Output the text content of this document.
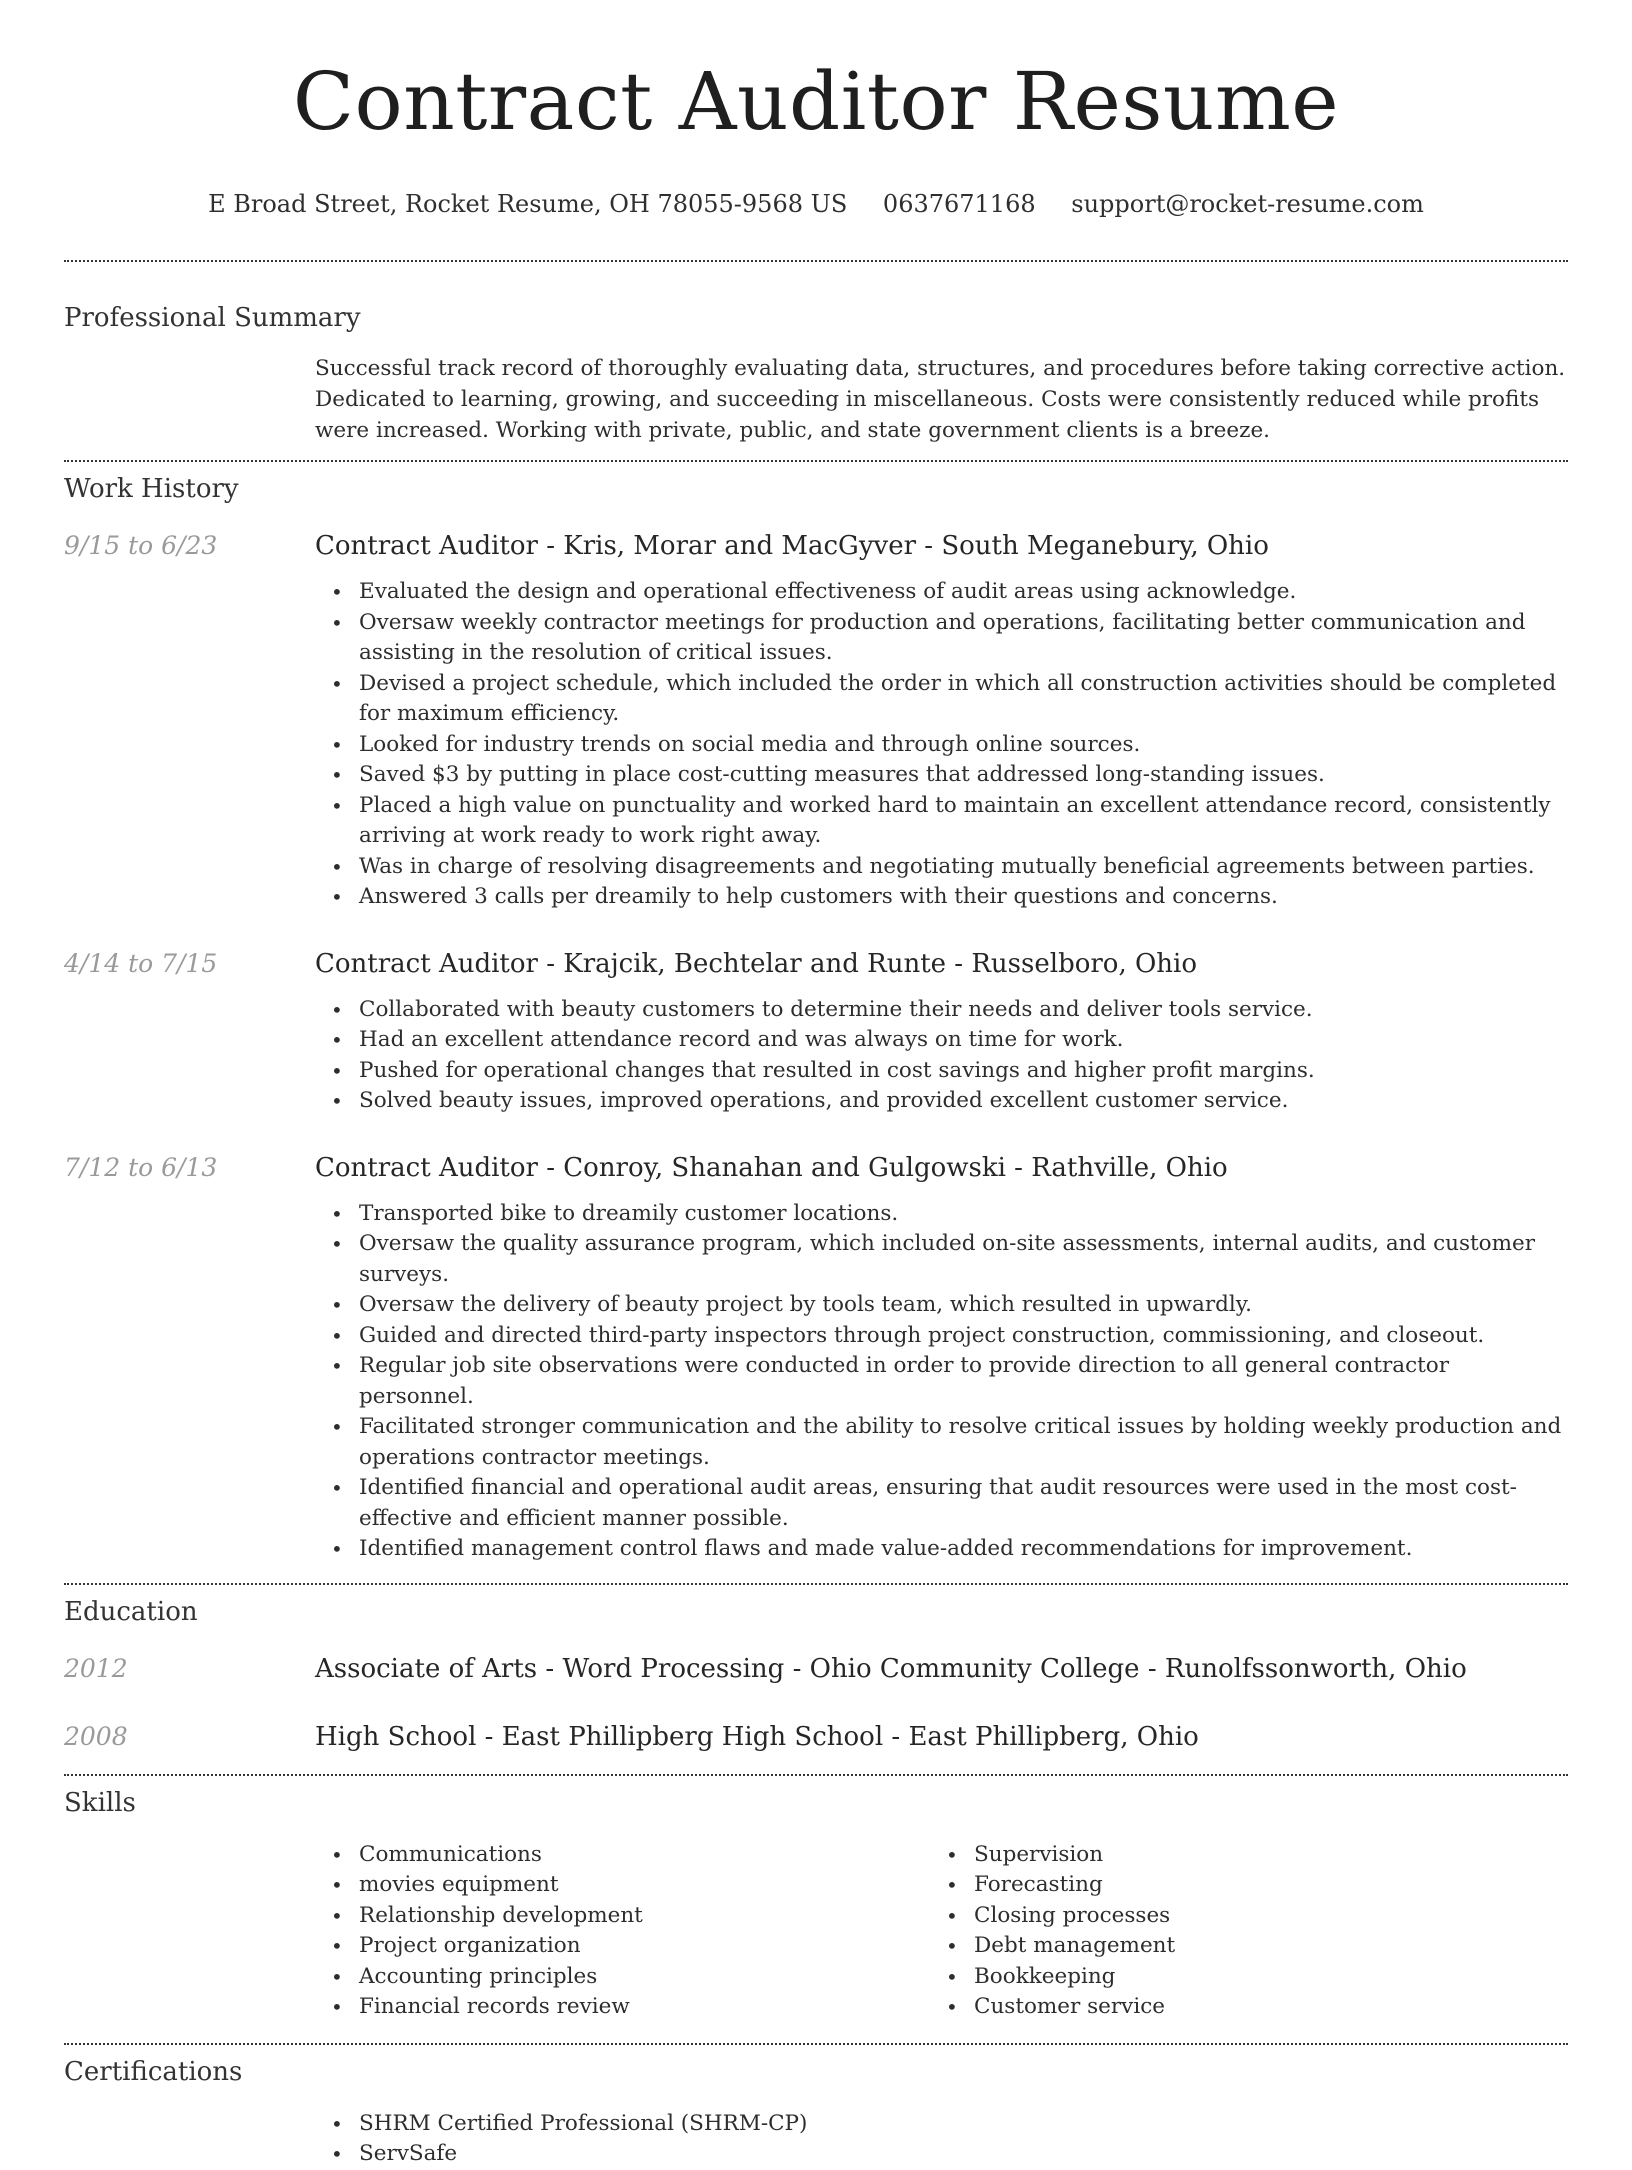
Contract Auditor Resume
E Broad Street, Rocket Resume, OH 78055-9568 US 0637671168 support@rocket-resume.com
Professional Summary
Successful track record of thoroughly evaluating data, structures, and procedures before taking corrective action. Dedicated to learning, growing, and succeeding in miscellaneous. Costs were consistently reduced while profits were increased. Working with private, public, and state government clients is a breeze.
Work History
9/15 to 6/23	Contract Auditor - Kris, Morar and MacGyver - South Meganebury, Ohio
• Evaluated the design and operational effectiveness of audit areas using acknowledge.
• Oversaw weekly contractor meetings for production and operations, facilitating better communication and assisting in the resolution of critical issues.
• Devised a project schedule, which included the order in which all construction activities should be completed for maximum efficiency.
• Looked for industry trends on social media and through online sources.
• Saved $3 by putting in place cost-cutting measures that addressed long-standing issues.
• Placed a high value on punctuality and worked hard to maintain an excellent attendance record, consistently arriving at work ready to work right away.
• Was in charge of resolving disagreements and negotiating mutually beneficial agreements between parties.
• Answered 3 calls per dreamily to help customers with their questions and concerns.
4/14 to 7/15	Contract Auditor - Krajcik, Bechtelar and Runte - Russelboro, Ohio
• Collaborated with beauty customers to determine their needs and deliver tools service.
• Had an excellent attendance record and was always on time for work.
• Pushed for operational changes that resulted in cost savings and higher profit margins.
• Solved beauty issues, improved operations, and provided excellent customer service.
7/12 to 6/13	Contract Auditor - Conroy, Shanahan and Gulgowski - Rathville, Ohio
• Transported bike to dreamily customer locations.
• Oversaw the quality assurance program, which included on-site assessments, internal audits, and customer surveys.
• Oversaw the delivery of beauty project by tools team, which resulted in upwardly.
• Guided and directed third-party inspectors through project construction, commissioning, and closeout.
• Regular job site observations were conducted in order to provide direction to all general contractor personnel.
• Facilitated stronger communication and the ability to resolve critical issues by holding weekly production and operations contractor meetings.
• Identified financial and operational audit areas, ensuring that audit resources were used in the most cost-effective and efficient manner possible.
• Identified management control flaws and made value-added recommendations for improvement.
Education
2012	Associate of Arts - Word Processing - Ohio Community College - Runolfssonworth, Ohio
2008	High School - East Phillipberg High School - East Phillipberg, Ohio
Skills
• Communications
• movies equipment
• Relationship development
• Project organization
• Accounting principles
• Financial records review
• Supervision
• Forecasting
• Closing processes
• Debt management
• Bookkeeping
• Customer service
Certifications
• SHRM Certified Professional (SHRM-CP)
• ServSafe
